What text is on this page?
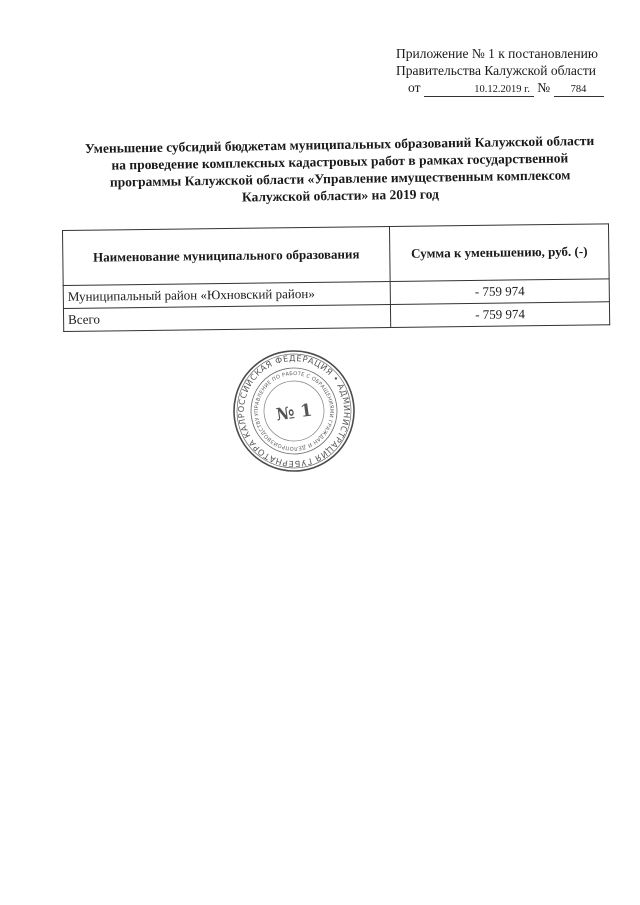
Приложение № 1 к постановлению
Правительства Калужской области
от	10.12.2019 г. № 784
Уменьшение субсидий бюджетам муниципальных образований Калужской области
на проведение комплексных кадастровых работ в рамках государственной
программы Калужской области «Управление имущественным комплексом
Калужской области» на 2019 год
Наименование муниципального образования	Сумма к уменьшению, руб. (-)
Муниципальный район «Юхновский район»	- 759 974
Всего	- 759 974
РОССИЙСКАЯ ФЕДЕРАЦИЯ • АДМИНИСТРАЦИЯ ГУБЕРНАТОРА КАЛУЖСКОЙ ОБЛАСТИ •
УПРАВЛЕНИЕ ПО РАБОТЕ С ОБРАЩЕНИЯМИ ГРАЖДАН И ДЕЛОПРОИЗВОДСТВУ № 1
